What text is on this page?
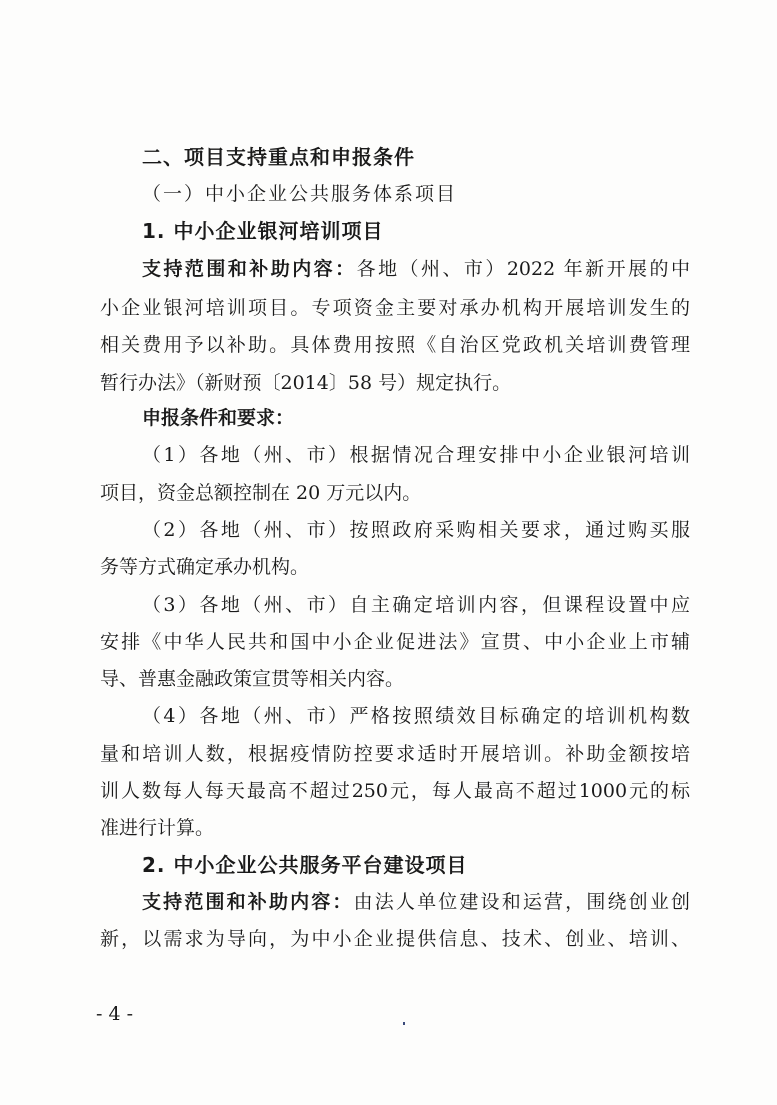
二、项目支持重点和申报条件
（一）中小企业公共服务体系项目
1. 中小企业银河培训项目
支持范围和补助内容：各地（州、市）2022 年新开展的中
小企业银河培训项目。专项资金主要对承办机构开展培训发生的
相关费用予以补助。具体费用按照《自治区党政机关培训费管理
暂行办法》（新财预〔2014〕58 号）规定执行。
申报条件和要求：
（1）各地（州、市）根据情况合理安排中小企业银河培训
项目，资金总额控制在 20 万元以内。
（2）各地（州、市）按照政府采购相关要求，通过购买服
务等方式确定承办机构。
（3）各地（州、市）自主确定培训内容，但课程设置中应
安排《中华人民共和国中小企业促进法》宣贯、中小企业上市辅
导、普惠金融政策宣贯等相关内容。
（4）各地（州、市）严格按照绩效目标确定的培训机构数
量和培训人数，根据疫情防控要求适时开展培训。补助金额按培
训人数每人每天最高不超过250元，每人最高不超过1000元的标
准进行计算。
2. 中小企业公共服务平台建设项目
支持范围和补助内容：由法人单位建设和运营，围绕创业创
新，以需求为导向，为中小企业提供信息、技术、创业、培训、
- 4 -
